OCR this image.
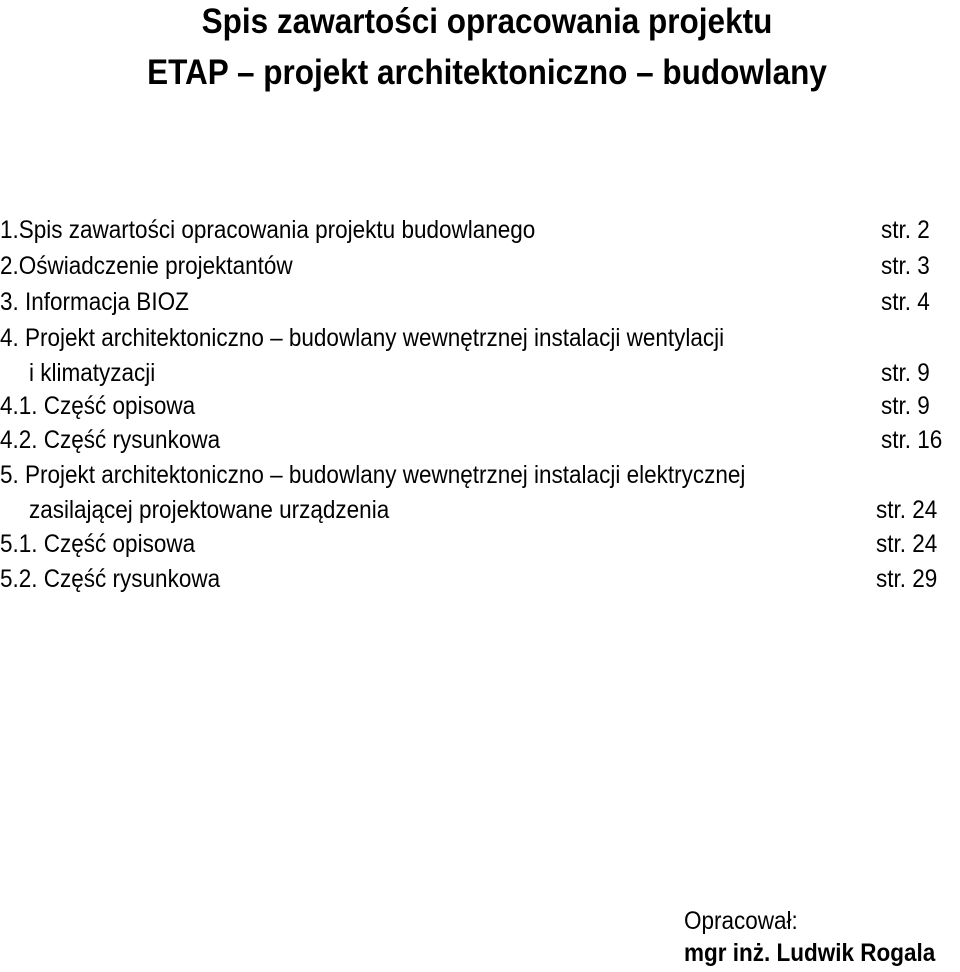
Spis zawartości opracowania projektu
ETAP – projekt architektoniczno – budowlany
1.Spis zawartości opracowania projektu budowlanego	str. 2
2.Oświadczenie projektantów	str. 3
3. Informacja BIOZ	str. 4
4. Projekt architektoniczno – budowlany wewnętrznej instalacji wentylacji
i klimatyzacji	str. 9
4.1. Część opisowa	str. 9
4.2. Część rysunkowa	str. 16
5. Projekt architektoniczno – budowlany wewnętrznej instalacji elektrycznej
zasilającej projektowane urządzenia	str. 24
5.1. Część opisowa	str. 24
5.2. Część rysunkowa	str. 29
Opracował:
mgr inż. Ludwik Rogala
